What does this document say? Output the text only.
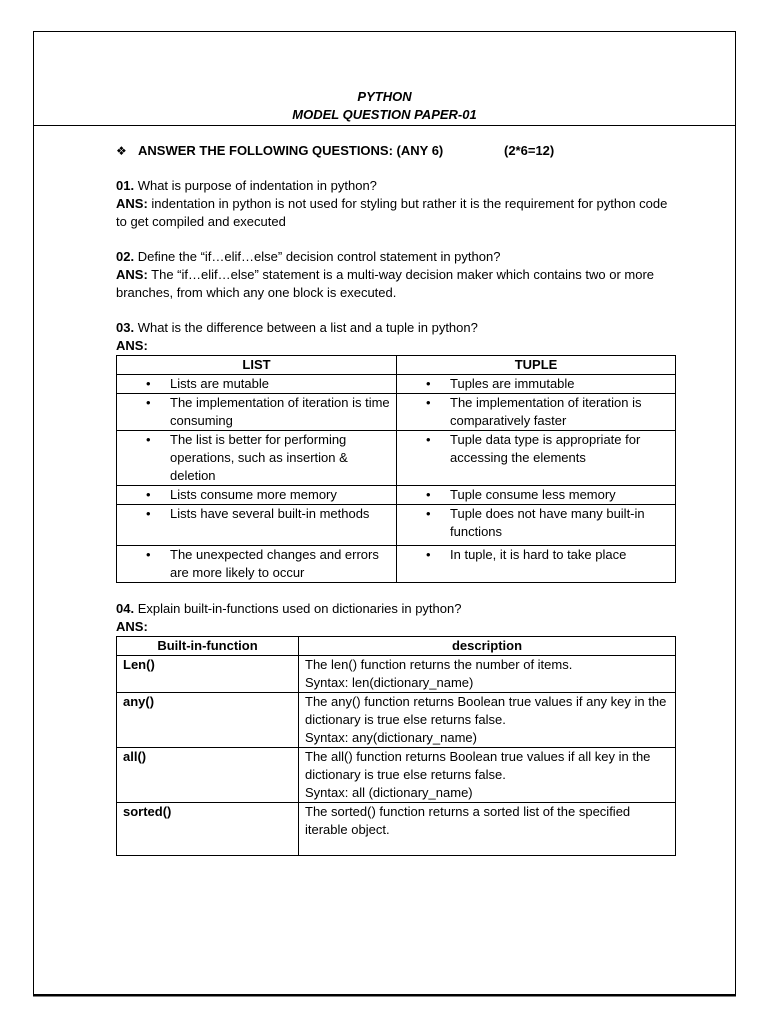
PYTHON
MODEL QUESTION PAPER-01
❖ ANSWER THE FOLLOWING QUESTIONS: (ANY 6)	(2*6=12)
01. What is purpose of indentation in python?
ANS: indentation in python is not used for styling but rather it is the requirement for python code to get compiled and executed
02. Define the “if…elif…else” decision control statement in python?
ANS: The “if…elif…else” statement is a multi-way decision maker which contains two or more branches, from which any one block is executed.
03. What is the difference between a list and a tuple in python?
ANS:
LIST	TUPLE

• Lists are mutable	• Tuples are immutable

• The implementation of iteration is time consuming	• The implementation of iteration is comparatively faster

• The list is better for performing operations, such as insertion & deletion	• Tuple data type is appropriate for accessing the elements

• Lists consume more memory	• Tuple consume less memory

• Lists have several built-in methods	• Tuple does not have many built-in functions

• The unexpected changes and errors are more likely to occur	• In tuple, it is hard to take place
04. Explain built-in-functions used on dictionaries in python?
ANS:
Built-in-function	description
Len()	The len() function returns the number of items.
Syntax: len(dictionary_name)

any()	The any() function returns Boolean true values if any key in the dictionary is true else returns false.
Syntax: any(dictionary_name)

all()	The all() function returns Boolean true values if all key in the dictionary is true else returns false.
Syntax: all (dictionary_name)

sorted()	The sorted() function returns a sorted list of the specified iterable object.
